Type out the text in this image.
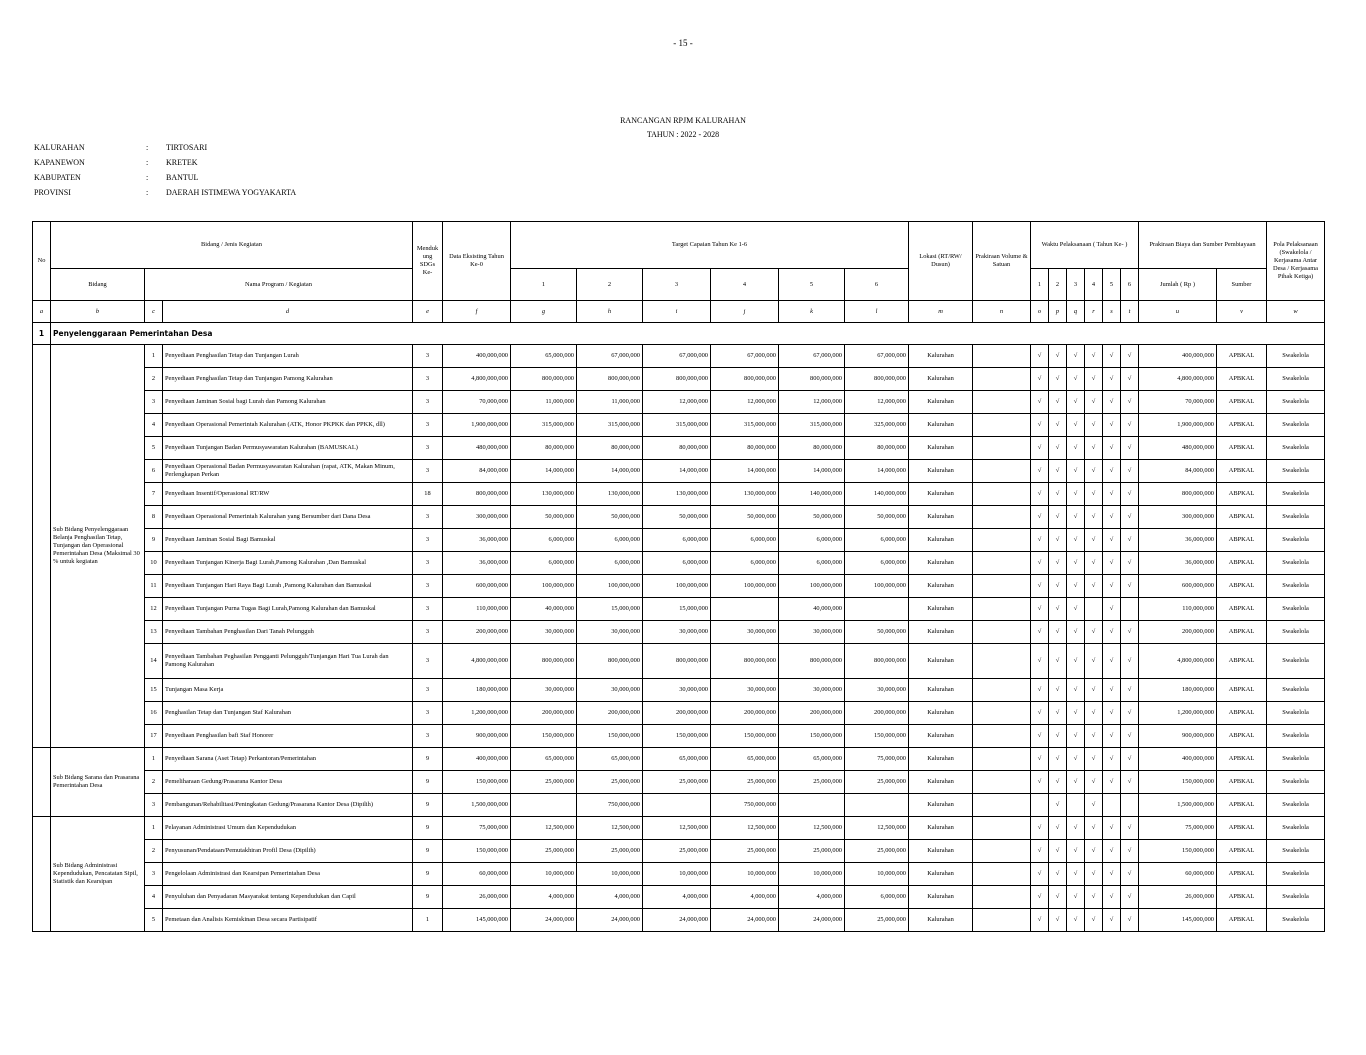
- 15 -
RANCANGAN RPJM KALURAHAN
TAHUN : 2022 - 2028
KALURAHAN	:	TIRTOSARI
KAPANEWON	:	KRETEK
KABUPATEN	:	BANTUL
PROVINSI	:	DAERAH ISTIMEWA YOGYAKARTA
No	Bidang / Jenis Kegiatan			Menduk ung SDGs Ke-	Data Eksisting Tahun Ke-0	Target Capaian Tahun Ke 1-6						Lokasi (RT/RW/ Dusun)	Prakiraan Volume & Satuan	Waktu Pelaksanaan ( Tahun Ke- )						Prakiraan Biaya dan Sumber Pembiayaan		Pola Pelaksanaan (Swakelola / Kerjasama Antar Desa / Kerjasama Pihak Ketiga)
	Bidang	Nama Program / Kegiatan				1	2	3	4	5	6			1	2	3	4	5	6	Jumlah ( Rp )	Sumber	
a	b	c	d	e	f	g	h	i	j	k	l	m	n	o	p	q	r	s	t	u	v	w
1	Penyelenggaraan Pemerintahan Desa																					
	Sub Bidang Penyelenggaraan Belanja Penghasilan Tetap, Tunjangan dan Operasional Pemerintahan Desa (Maksimal 30 % untuk kegiatan	1	Penyediaan Penghasilan Tetap dan Tunjangan Lurah	3	400,000,000	65,000,000	67,000,000	67,000,000	67,000,000	67,000,000	67,000,000	Kalurahan		√	√	√	√	√	√	400,000,000	APBKAL	Swakelola
		2	Penyediaan Penghasilan Tetap dan Tunjangan Pamong Kalurahan	3	4,800,000,000	800,000,000	800,000,000	800,000,000	800,000,000	800,000,000	800,000,000	Kalurahan		√	√	√	√	√	√	4,800,000,000	APBKAL	Swakelola
		3	Penyediaan Jaminan Sosial bagi Lurah dan Pamong Kalurahan	3	70,000,000	11,000,000	11,000,000	12,000,000	12,000,000	12,000,000	12,000,000	Kalurahan		√	√	√	√	√	√	70,000,000	APBKAL	Swakelola
		4	Penyediaan Operasional Pemerintah Kalurahan (ATK, Honor PKPKK dan PPKK, dll)	3	1,900,000,000	315,000,000	315,000,000	315,000,000	315,000,000	315,000,000	325,000,000	Kalurahan		√	√	√	√	√	√	1,900,000,000	APBKAL	Swakelola
		5	Penyediaan Tunjangan Badan Permusyawaratan Kalurahan (BAMUSKAL)	3	480,000,000	80,000,000	80,000,000	80,000,000	80,000,000	80,000,000	80,000,000	Kalurahan		√	√	√	√	√	√	480,000,000	APBKAL	Swakelola
		6	Penyediaan Operasional Badan Permusyawaratan Kalurahan (rapat, ATK, Makan Minum, Perlengkapan Perkan	3	84,000,000	14,000,000	14,000,000	14,000,000	14,000,000	14,000,000	14,000,000	Kalurahan		√	√	√	√	√	√	84,000,000	APBKAL	Swakelola
		7	Penyediaan Insentif/Operasional RT/RW	18	800,000,000	130,000,000	130,000,000	130,000,000	130,000,000	140,000,000	140,000,000	Kalurahan		√	√	√	√	√	√	800,000,000	ABPKAL	Swakelola
		8	Penyediaan Operasional Pemerintah Kalurahan yang Bersumber dari Dana Desa	3	300,000,000	50,000,000	50,000,000	50,000,000	50,000,000	50,000,000	50,000,000	Kalurahan		√	√	√	√	√	√	300,000,000	ABPKAL	Swakelola
		9	Penyediaan Jaminan Sosial Bagi Bamuskal	3	36,000,000	6,000,000	6,000,000	6,000,000	6,000,000	6,000,000	6,000,000	Kalurahan		√	√	√	√	√	√	36,000,000	ABPKAL	Swakelola
		10	Penyediaan Tunjangan Kinerja Bagi Lurah,Pamong Kalurahan ,Dan Bamuskal	3	36,000,000	6,000,000	6,000,000	6,000,000	6,000,000	6,000,000	6,000,000	Kalurahan		√	√	√	√	√	√	36,000,000	ABPKAL	Swakelola
		11	Penyediaan Tunjangan Hari Raya Bagi Lurah ,Pamong Kalurahan dan Bamuskal	3	600,000,000	100,000,000	100,000,000	100,000,000	100,000,000	100,000,000	100,000,000	Kalurahan		√	√	√	√	√	√	600,000,000	ABPKAL	Swakelola
		12	Penyediaan Tunjangan Purna Tugas Bagi Lurah,Pamong Kalurahan dan Bamuskal	3	110,000,000	40,000,000	15,000,000	15,000,000		40,000,000		Kalurahan		√	√	√		√		110,000,000	ABPKAL	Swakelola
		13	Penyediaan Tambahan Penghasilan Dari Tanah Pelungguh	3	200,000,000	30,000,000	30,000,000	30,000,000	30,000,000	30,000,000	50,000,000	Kalurahan		√	√	√	√	√	√	200,000,000	ABPKAL	Swakelola
		14	Penyediaan Tambahan Peghasilan Pengganti Pelungguh/Tunjangan Hari Tua Lurah dan Pamong Kalurahan	3	4,800,000,000	800,000,000	800,000,000	800,000,000	800,000,000	800,000,000	800,000,000	Kalurahan		√	√	√	√	√	√	4,800,000,000	ABPKAL	Swakelola
		15	Tunjangan Masa Kerja	3	180,000,000	30,000,000	30,000,000	30,000,000	30,000,000	30,000,000	30,000,000	Kalurahan		√	√	√	√	√	√	180,000,000	ABPKAL	Swakelola
		16	Penghasilan Tetap dan Tunjangan Staf Kalurahan	3	1,200,000,000	200,000,000	200,000,000	200,000,000	200,000,000	200,000,000	200,000,000	Kalurahan		√	√	√	√	√	√	1,200,000,000	ABPKAL	Swakelola
		17	Penyediaan Penghasilan bafi Staf Honorer	3	900,000,000	150,000,000	150,000,000	150,000,000	150,000,000	150,000,000	150,000,000	Kalurahan		√	√	√	√	√	√	900,000,000	ABPKAL	Swakelola
	Sub Bidang Sarana dan Prasarana Pemerintahan Desa	1	Penyediaan Sarana (Aset Tetap) Perkantoran/Pemerintahan	9	400,000,000	65,000,000	65,000,000	65,000,000	65,000,000	65,000,000	75,000,000	Kalurahan		√	√	√	√	√	√	400,000,000	APBKAL	Swakelola
		2	Pemeliharaan Gedung/Prasarana Kantor Desa	9	150,000,000	25,000,000	25,000,000	25,000,000	25,000,000	25,000,000	25,000,000	Kalurahan		√	√	√	√	√	√	150,000,000	APBKAL	Swakelola
		3	Pembangunan/Rehabilitasi/Peningkatan Gedung/Prasarana Kantor Desa (Dipilih)	9	1,500,000,000		750,000,000		750,000,000			Kalurahan			√		√			1,500,000,000	APBKAL	Swakelola
	Sub Bidang Administrasi Kependudukan, Pencatatan Sipil, Statistik dan Kearsipan	1	Pelayanan Administrasi Umum dan Kependudukan	9	75,000,000	12,500,000	12,500,000	12,500,000	12,500,000	12,500,000	12,500,000	Kalurahan		√	√	√	√	√	√	75,000,000	APBKAL	Swakelola
		2	Penyusunan/Pendataan/Pemutakhiran Profil Desa (Dipilih)	9	150,000,000	25,000,000	25,000,000	25,000,000	25,000,000	25,000,000	25,000,000	Kalurahan		√	√	√	√	√	√	150,000,000	APBKAL	Swakelola
		3	Pengelolaan Administrasi dan Kearsipan Pemerintahan Desa	9	60,000,000	10,000,000	10,000,000	10,000,000	10,000,000	10,000,000	10,000,000	Kalurahan		√	√	√	√	√	√	60,000,000	APBKAL	Swakelola
		4	Penyuluhan dan Penyadaran Masyarakat tentang Kependudukan dan Capil	9	26,000,000	4,000,000	4,000,000	4,000,000	4,000,000	4,000,000	6,000,000	Kalurahan		√	√	√	√	√	√	26,000,000	APBKAL	Swakelola
		5	Pemetaan dan Analisis Kemiskinan Desa secara Partisipatif	1	145,000,000	24,000,000	24,000,000	24,000,000	24,000,000	24,000,000	25,000,000	Kalurahan		√	√	√	√	√	√	145,000,000	APBKAL	Swakelola
